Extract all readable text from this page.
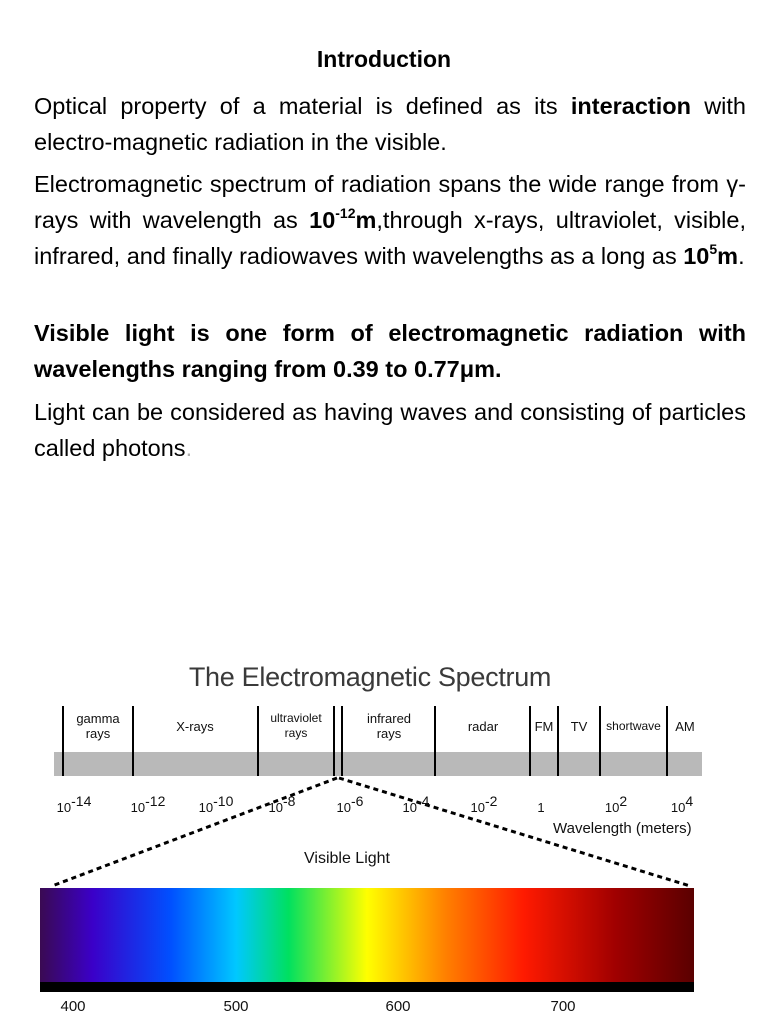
Introduction

Optical property of a material is defined as its interaction with electro-magnetic radiation in the visible.

Electromagnetic spectrum of radiation spans the wide range from γ-rays with wavelength as $10^{-12}m,through$ x-rays, ultraviolet, visible, infrared, and finally radiowaves with wavelengths as a long as $10^5m$.

Visible light is one form of electromagnetic radiation with wavelengths ranging from 0.39 to 0.77μm.

Light can be considered as having waves and consisting of particles called photons.

The Electromagnetic Spectrum
gamma
rays	X-rays
ultraviolet
rays
infrared
rays	radar	FM	TV	shortwave	AM
$10^{-14}$	$10^{-12}$	$10^{-10}$	$10^{-8}$	$10^{-6}$	$10^{-4}$	$10^{-2}$	1	$10^2$	$10^4$
Wavelength (meters)
Visible Light
400	500	600	700
